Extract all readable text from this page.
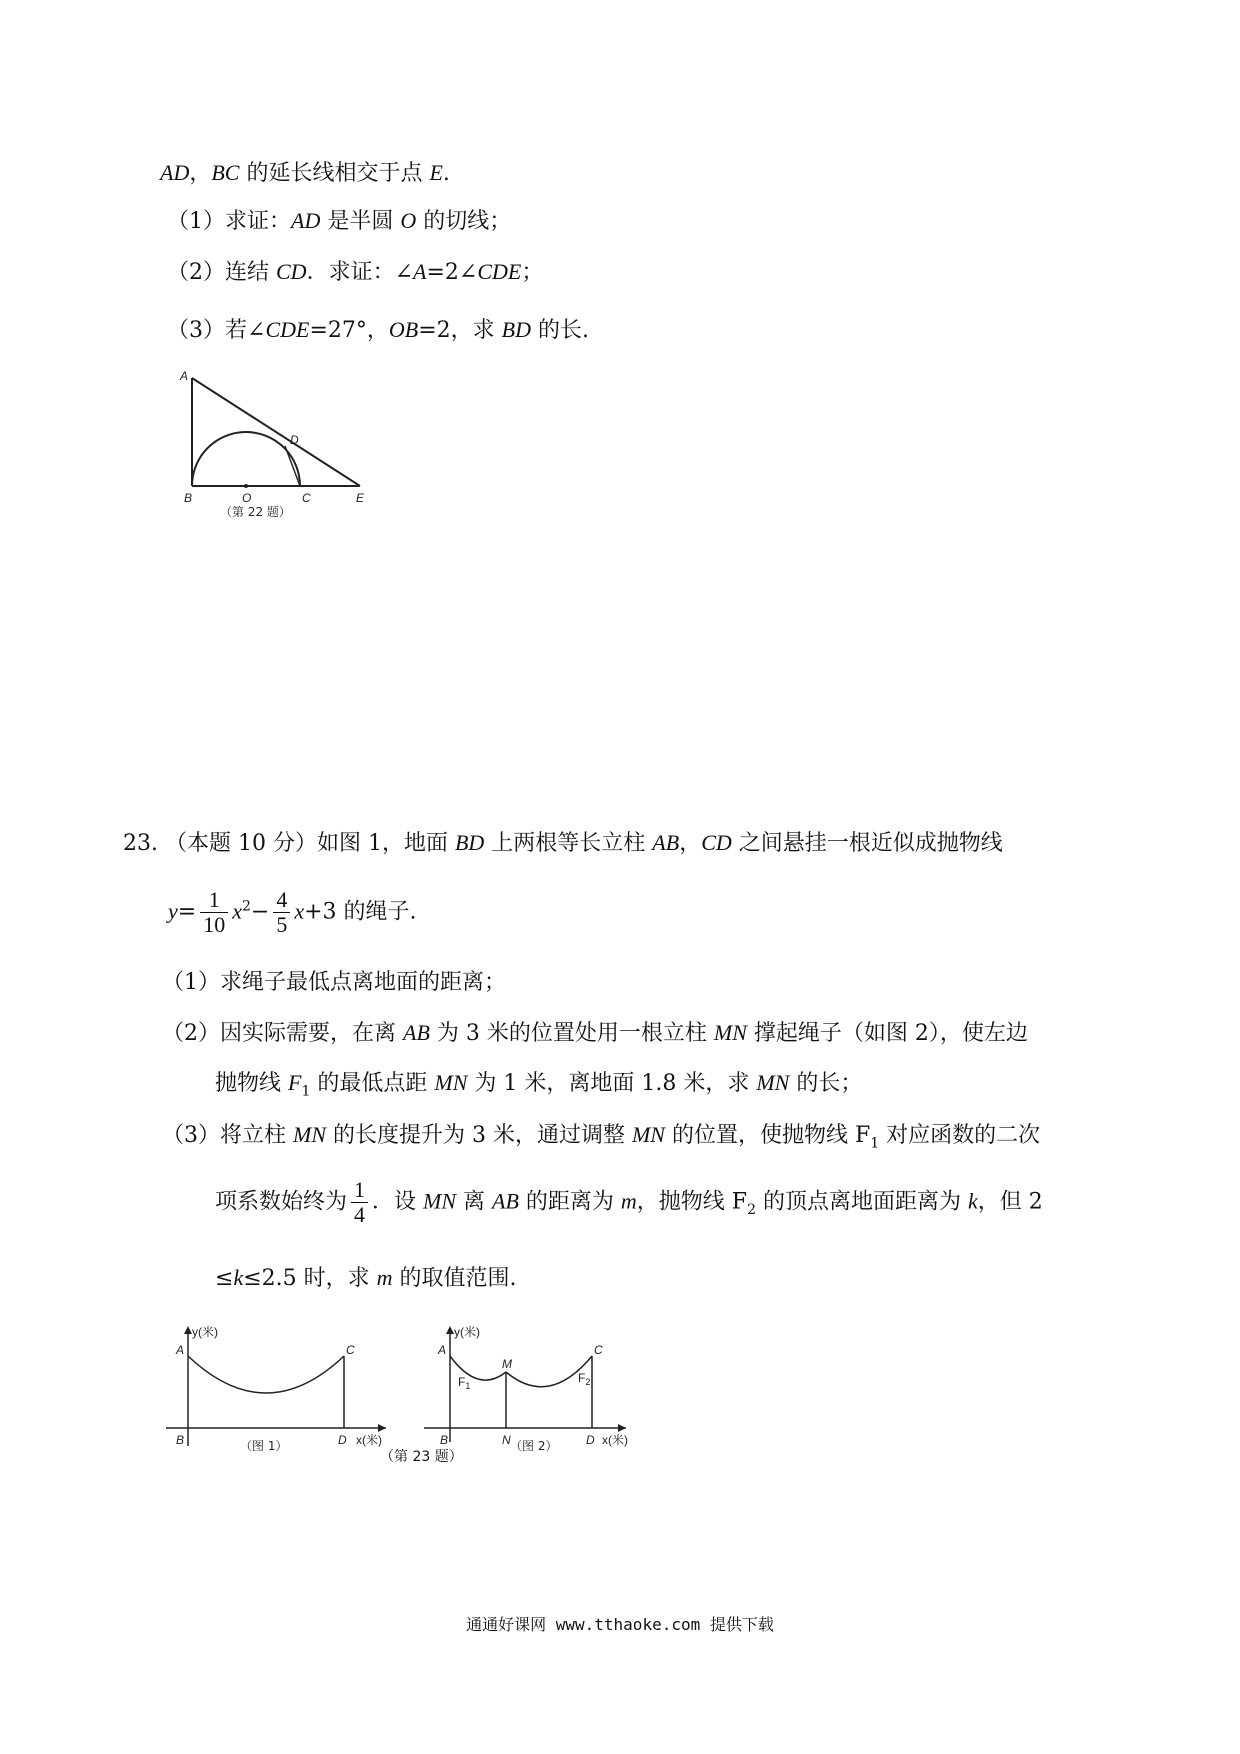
AD，BC 的延长线相交于点 E.
（1）求证：AD 是半圆 O 的切线；
（2）连结 CD．求证：∠A=2∠CDE；
（3）若∠CDE=27°，OB=2，求 BD 的长.
A
B	O	C
D
E
（第 22 题）
23. （本题 10 分）如图 1，地面 BD 上两根等长立柱 AB，CD 之间悬挂一根近似成抛物线
$y= \frac{1}{10} x^2- \frac{4}{5} x+3$ 的绳子.
（1）求绳子最低点离地面的距离；
（2）因实际需要，在离 AB 为 3 米的位置处用一根立柱 MN 撑起绳子（如图 2），使左边
抛物线 $F_1$ 的最低点距 MN 为 1 米，离地面 1.8 米，求 MN 的长；
（3）将立柱 MN 的长度提升为 3 米，通过调整 MN 的位置，使抛物线 $F_1$ 对应函数的二次
项系数始终为 $\frac{1}{4}$ ．设 MN 离 AB 的距离为 m，抛物线 $F_2$ 的顶点离地面距离为 k，但 2
≤k≤2.5 时，求 m 的取值范围.
y(米)
A	C
B	D x(米)
（图 1）
y(米)
A	C
M
$F_1$
$F_2$
B	N	D x(米)
（图 2）
（第 23 题）
通通好课网 www.tthaoke.com 提供下载
